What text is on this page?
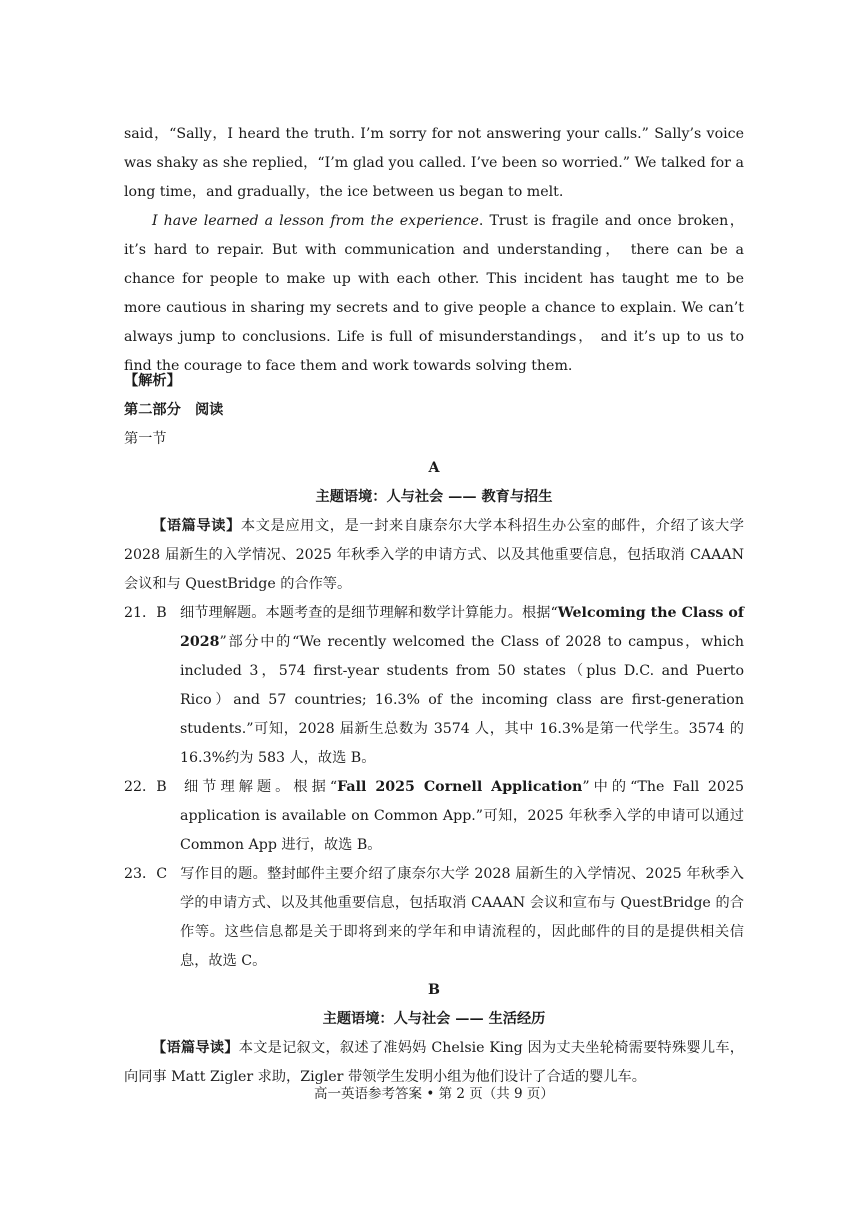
said，“Sally，I heard the truth. I’m sorry for not answering your calls.” Sally’s voice was shaky as she replied，“I’m glad you called. I’ve been so worried.” We talked for a long time，and gradually，the ice between us began to melt.

I have learned a lesson from the experience. Trust is fragile and once broken，it’s hard to repair. But with communication and understanding， there can be a chance for people to make up with each other. This incident has taught me to be more cautious in sharing my secrets and to give people a chance to explain. We can’t always jump to conclusions. Life is full of misunderstandings， and it’s up to us to find the courage to face them and work towards solving them.

【解析】

第二部分　阅读

第一节

A

主题语境：人与社会 —— 教育与招生

【语篇导读】本文是应用文，是一封来自康奈尔大学本科招生办公室的邮件，介绍了该大学 2028 届新生的入学情况、2025 年秋季入学的申请方式、以及其他重要信息，包括取消 CAAAN 会议和与 QuestBridge 的合作等。

21．B 细节理解题。本题考查的是细节理解和数学计算能力。根据“Welcoming the Class of 2028”部分中的“We recently welcomed the Class of 2028 to campus，which included 3，574 first-year students from 50 states（plus D.C. and Puerto Rico）and 57 countries; 16.3% of the incoming class are first-generation students.”可知，2028 届新生总数为 3574 人，其中 16.3%是第一代学生。3574 的 16.3%约为 583 人，故选 B。

22．B 细节理解题。根据“Fall 2025 Cornell Application”中的“The Fall 2025 application is available on Common App.”可知，2025 年秋季入学的申请可以通过 Common App 进行，故选 B。

23．C 写作目的题。整封邮件主要介绍了康奈尔大学 2028 届新生的入学情况、2025 年秋季入学的申请方式、以及其他重要信息，包括取消 CAAAN 会议和宣布与 QuestBridge 的合作等。这些信息都是关于即将到来的学年和申请流程的，因此邮件的目的是提供相关信息，故选 C。

B

主题语境：人与社会 —— 生活经历

【语篇导读】本文是记叙文，叙述了准妈妈 Chelsie King 因为丈夫坐轮椅需要特殊婴儿车，向同事 Matt Zigler 求助，Zigler 带领学生发明小组为他们设计了合适的婴儿车。

高一英语参考答案 • 第 2 页（共 9 页）
